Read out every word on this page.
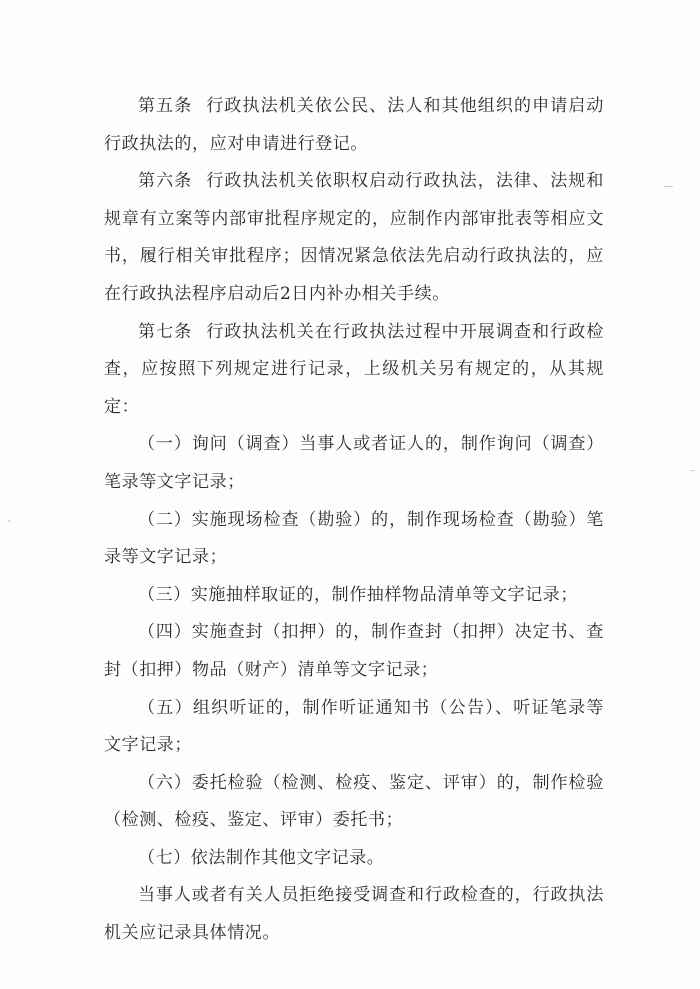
第五条 行政执法机关依公民、法人和其他组织的申请启动行政执法的，应对申请进行登记。

第六条 行政执法机关依职权启动行政执法，法律、法规和规章有立案等内部审批程序规定的，应制作内部审批表等相应文书，履行相关审批程序；因情况紧急依法先启动行政执法的，应在行政执法程序启动后2日内补办相关手续。

第七条 行政执法机关在行政执法过程中开展调查和行政检查，应按照下列规定进行记录，上级机关另有规定的，从其规定：

（一）询问（调查）当事人或者证人的，制作询问（调查）笔录等文字记录；

（二）实施现场检查（勘验）的，制作现场检查（勘验）笔录等文字记录；

（三）实施抽样取证的，制作抽样物品清单等文字记录；

（四）实施查封（扣押）的，制作查封（扣押）决定书、查封（扣押）物品（财产）清单等文字记录；

（五）组织听证的，制作听证通知书（公告）、听证笔录等文字记录；

（六）委托检验（检测、检疫、鉴定、评审）的，制作检验（检测、检疫、鉴定、评审）委托书；

（七）依法制作其他文字记录。

当事人或者有关人员拒绝接受调查和行政检查的，行政执法机关应记录具体情况。
